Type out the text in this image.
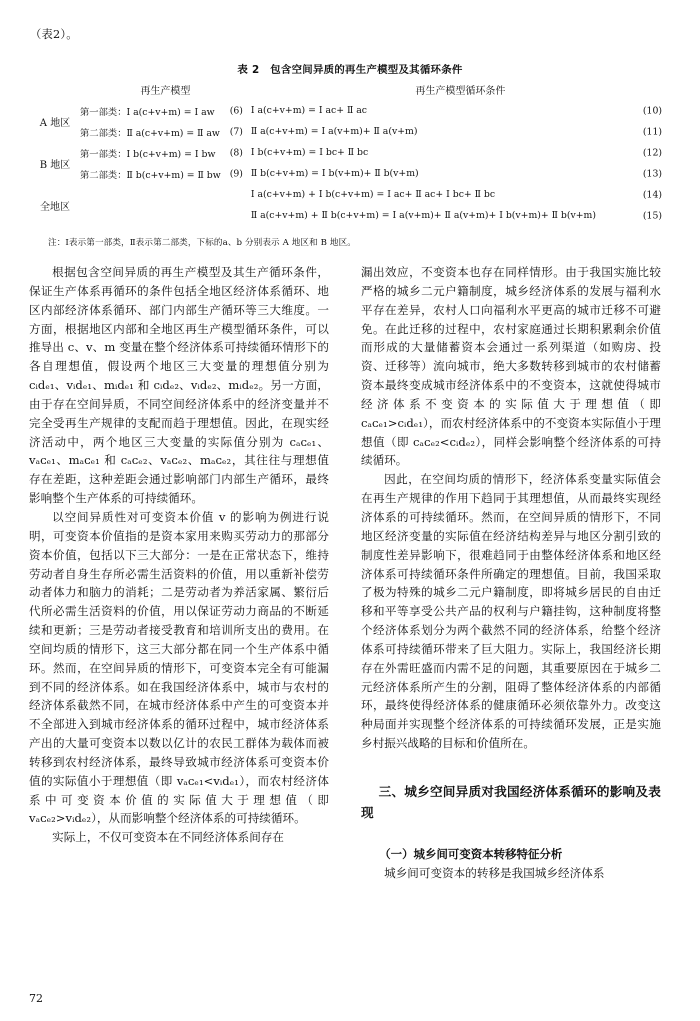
（表2）。
表 2　包含空间异质的再生产模型及其循环条件
	再生产模型	再生产模型循环条件
A 地区	第一部类：Ⅰ a(c+v+m) = Ⅰ aw (6)	Ⅰ a(c+v+m) = Ⅰ ac+ Ⅱ ac (10)

	第二部类：Ⅱ a(c+v+m) = Ⅱ aw (7)	Ⅱ a(c+v+m) = Ⅰ a(v+m)+ Ⅱ a(v+m) (11)

B 地区	第一部类：Ⅰ b(c+v+m) = Ⅰ bw (8)	Ⅰ b(c+v+m) = Ⅰ bc+ Ⅱ bc (12)

	第二部类：Ⅱ b(c+v+m) = Ⅱ bw (9)	Ⅱ b(c+v+m) = Ⅰ b(v+m)+ Ⅱ b(v+m) (13)

全地区		Ⅰ a(c+v+m) + Ⅰ b(c+v+m) = Ⅰ ac+ Ⅱ ac+ Ⅰ bc+ Ⅱ bc (14)

		Ⅱ a(c+v+m) + Ⅱ b(c+v+m) = Ⅰ a(v+m)+ Ⅱ a(v+m)+ Ⅰ b(v+m)+ Ⅱ b(v+m) (15)
注：Ⅰ表示第一部类，Ⅱ表示第二部类，下标的a、b 分别表示 A 地区和 B 地区。

根据包含空间异质的再生产模型及其生产循环条件，保证生产体系再循环的条件包括全地区经济体系循环、地区内部经济体系循环、部门内部生产循环等三大维度。一方面，根据地区内部和全地区再生产模型循环条件，可以推导出 c、v、m 变量在整个经济体系可持续循环情形下的各自理想值，假设两个地区三大变量的理想值分别为 cᵢdₑ₁、vᵢdₑ₁、mᵢdₑ₁ 和 cᵢdₑ₂、vᵢdₑ₂、mᵢdₑ₂。另一方面，由于存在空间异质，不同空间经济体系中的经济变量并不完全受再生产规律的支配而趋于理想值。因此，在现实经济活动中，两个地区三大变量的实际值分别为 cₐᴄₑ₁、vₐᴄₑ₁、mₐᴄₑ₁ 和 cₐᴄₑ₂、vₐᴄₑ₂、mₐᴄₑ₂，其往往与理想值存在差距，这种差距会通过影响部门内部生产循环，最终影响整个生产体系的可持续循环。

以空间异质性对可变资本价值 v 的影响为例进行说明，可变资本价值指的是资本家用来购买劳动力的那部分资本价值，包括以下三大部分：一是在正常状态下，维持劳动者自身生存所必需生活资料的价值，用以重新补偿劳动者体力和脑力的消耗；二是劳动者为养活家属、繁衍后代所必需生活资料的价值，用以保证劳动力商品的不断延续和更新；三是劳动者接受教育和培训所支出的费用。在空间均质的情形下，这三大部分都在同一个生产体系中循环。然而，在空间异质的情形下，可变资本完全有可能漏到不同的经济体系。如在我国经济体系中，城市与农村的经济体系截然不同，在城市经济体系中产生的可变资本并不全部进入到城市经济体系的循环过程中，城市经济体系产出的大量可变资本以数以亿计的农民工群体为载体而被转移到农村经济体系，最终导致城市经济体系可变资本价值的实际值小于理想值（即 vₐᴄₑ₁<vᵢdₑ₁），而农村经济体系中可变资本价值的实际值大于理想值（即 vₐᴄₑ₂>vᵢdₑ₂），从而影响整个经济体系的可持续循环。

实际上，不仅可变资本在不同经济体系间存在

漏出效应，不变资本也存在同样情形。由于我国实施比较严格的城乡二元户籍制度，城乡经济体系的发展与福利水平存在差异，农村人口向福利水平更高的城市迁移不可避免。在此迁移的过程中，农村家庭通过长期积累剩余价值而形成的大量储蓄资本会通过一系列渠道（如购房、投资、迁移等）流向城市，绝大多数转移到城市的农村储蓄资本最终变成城市经济体系中的不变资本，这就使得城市经济体系不变资本的实际值大于理想值（即 cₐᴄₑ₁>cᵢdₑ₁），而农村经济体系中的不变资本实际值小于理想值（即 cₐᴄₑ₂<cᵢdₑ₂），同样会影响整个经济体系的可持续循环。

因此，在空间均质的情形下，经济体系变量实际值会在再生产规律的作用下趋同于其理想值，从而最终实现经济体系的可持续循环。然而，在空间异质的情形下，不同地区经济变量的实际值在经济结构差异与地区分割引致的制度性差异影响下，很难趋同于由整体经济体系和地区经济体系可持续循环条件所确定的理想值。目前，我国采取了极为特殊的城乡二元户籍制度，即将城乡居民的自由迁移和平等享受公共产品的权利与户籍挂钩，这种制度将整个经济体系划分为两个截然不同的经济体系，给整个经济体系可持续循环带来了巨大阻力。实际上，我国经济长期存在外需旺盛而内需不足的问题，其重要原因在于城乡二元经济体系所产生的分割，阻碍了整体经济体系的内部循环，最终使得经济体系的健康循环必须依靠外力。改变这种局面并实现整个经济体系的可持续循环发展，正是实施乡村振兴战略的目标和价值所在。

三、城乡空间异质对我国经济体系循环的影响及表现
（一）城乡间可变资本转移特征分析

城乡间可变资本的转移是我国城乡经济体系

72
